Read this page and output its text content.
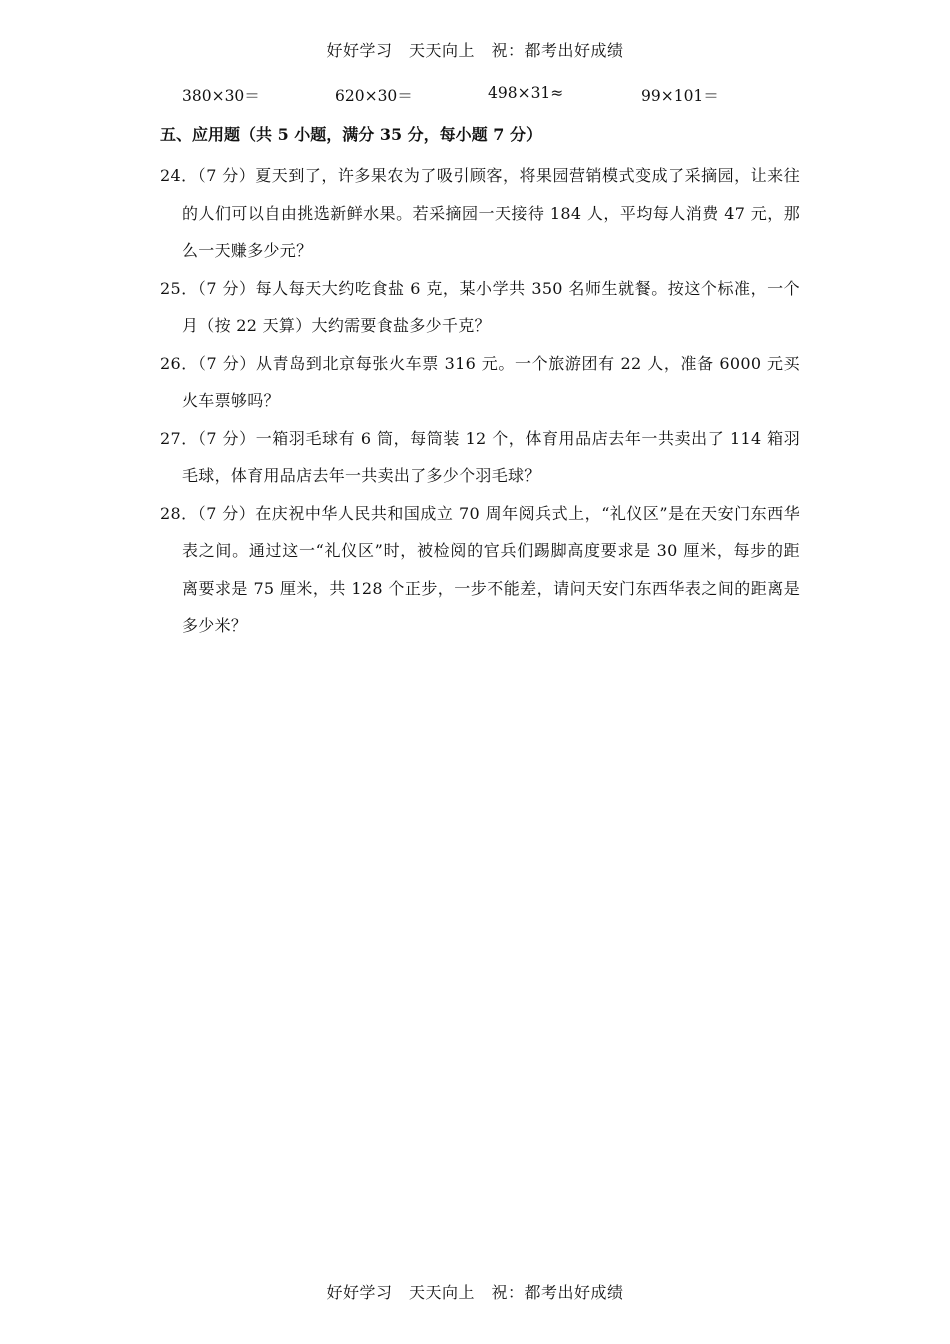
好好学习　天天向上　祝：都考出好成绩
380×30＝	620×30＝	498×31≈	99×101＝
五、应用题（共 5 小题，满分 35 分，每小题 7 分）
24．（7 分）夏天到了，许多果农为了吸引顾客，将果园营销模式变成了采摘园，让来往的人们可以自由挑选新鲜水果。若采摘园一天接待 184 人，平均每人消费 47 元，那么一天赚多少元？
25．（7 分）每人每天大约吃食盐 6 克，某小学共 350 名师生就餐。按这个标准，一个月（按 22 天算）大约需要食盐多少千克？
26．（7 分）从青岛到北京每张火车票 316 元。一个旅游团有 22 人，准备 6000 元买火车票够吗？
27．（7 分）一箱羽毛球有 6 筒，每筒装 12 个，体育用品店去年一共卖出了 114 箱羽毛球，体育用品店去年一共卖出了多少个羽毛球？
28．（7 分）在庆祝中华人民共和国成立 70 周年阅兵式上，“礼仪区”是在天安门东西华表之间。通过这一“礼仪区”时，被检阅的官兵们踢脚高度要求是 30 厘米，每步的距离要求是 75 厘米，共 128 个正步，一步不能差，请问天安门东西华表之间的距离是多少米？
好好学习　天天向上　祝：都考出好成绩
